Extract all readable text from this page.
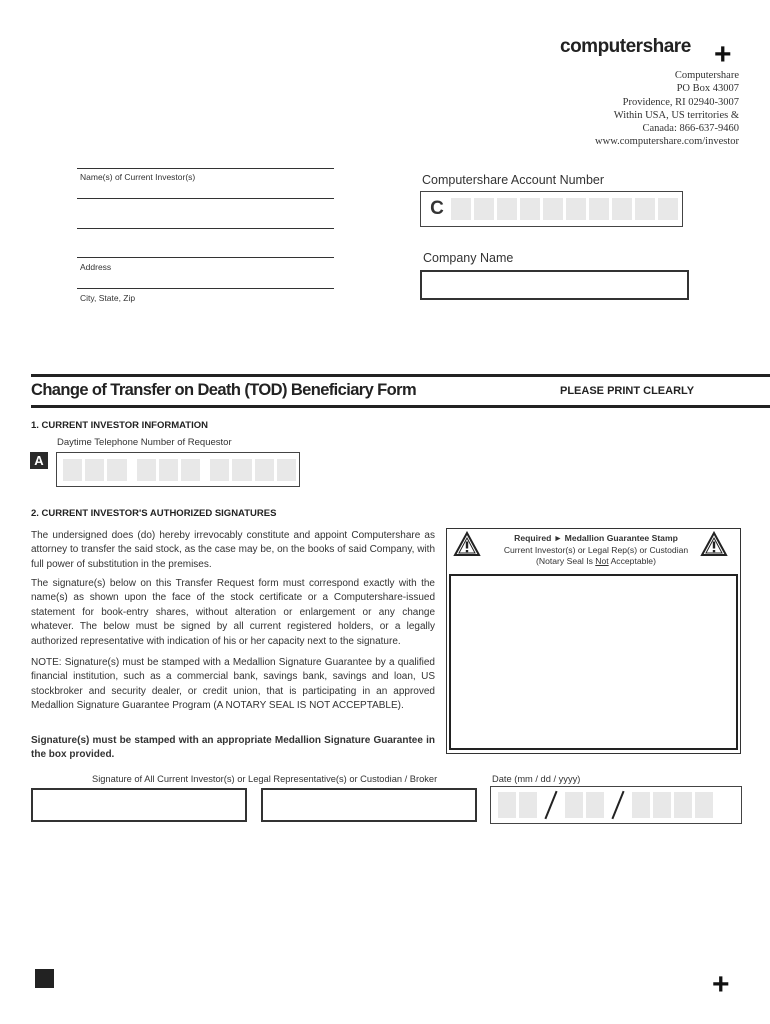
computershare +
Computershare
PO Box 43007
Providence, RI 02940-3007
Within USA, US territories &
Canada: 866-637-9460
www.computershare.com/investor
Name(s) of Current Investor(s)
Address
City, State, Zip
Computershare Account Number
C
Company Name
Change of Transfer on Death (TOD) Beneficiary Form	PLEASE PRINT CLEARLY
1. CURRENT INVESTOR INFORMATION
Daytime Telephone Number of Requestor
A
2. CURRENT INVESTOR'S AUTHORIZED SIGNATURES
The undersigned does (do) hereby irrevocably constitute and appoint Computershare as attorney to transfer the said stock, as the case may be, on the books of said Company, with full power of substitution in the premises.
The signature(s) below on this Transfer Request form must correspond exactly with the name(s) as shown upon the face of the stock certificate or a Computershare-issued statement for book-entry shares, without alteration or enlargement or any change whatever. The below must be signed by all current registered holders, or a legally authorized representative with indication of his or her capacity next to the signature.
NOTE: Signature(s) must be stamped with a Medallion Signature Guarantee by a qualified financial institution, such as a commercial bank, savings bank, savings and loan, US stockbroker and security dealer, or credit union, that is participating in an approved Medallion Signature Guarantee Program (A NOTARY SEAL IS NOT ACCEPTABLE).
Signature(s) must be stamped with an appropriate Medallion Signature Guarantee in the box provided.
Required ► Medallion Guarantee Stamp
Current Investor(s) or Legal Rep(s) or Custodian
(Notary Seal Is Not Acceptable)
Signature of All Current Investor(s) or Legal Representative(s) or Custodian / Broker	Date (mm / dd / yyyy)
+
